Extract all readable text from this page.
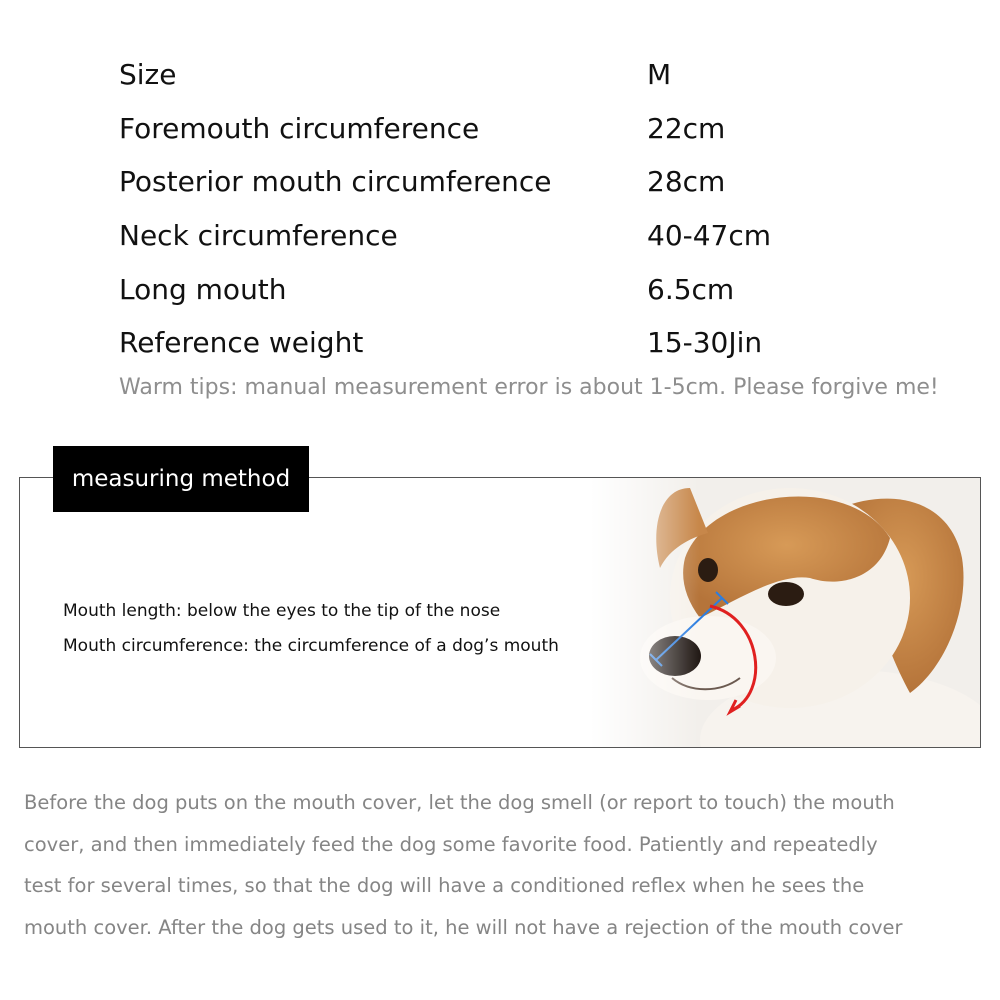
Size	M
Foremouth circumference	22cm
Posterior mouth circumference	28cm
Neck circumference	40-47cm
Long mouth	6.5cm
Reference weight	15-30Jin
Warm tips: manual measurement error is about 1-5cm. Please forgive me!
measuring method
Mouth length: below the eyes to the tip of the nose
Mouth circumference: the circumference of a dog’s mouth
Before the dog puts on the mouth cover, let the dog smell (or report to touch) the mouth
cover, and then immediately feed the dog some favorite food. Patiently and repeatedly
test for several times, so that the dog will have a conditioned reflex when he sees the
mouth cover. After the dog gets used to it, he will not have a rejection of the mouth cover
